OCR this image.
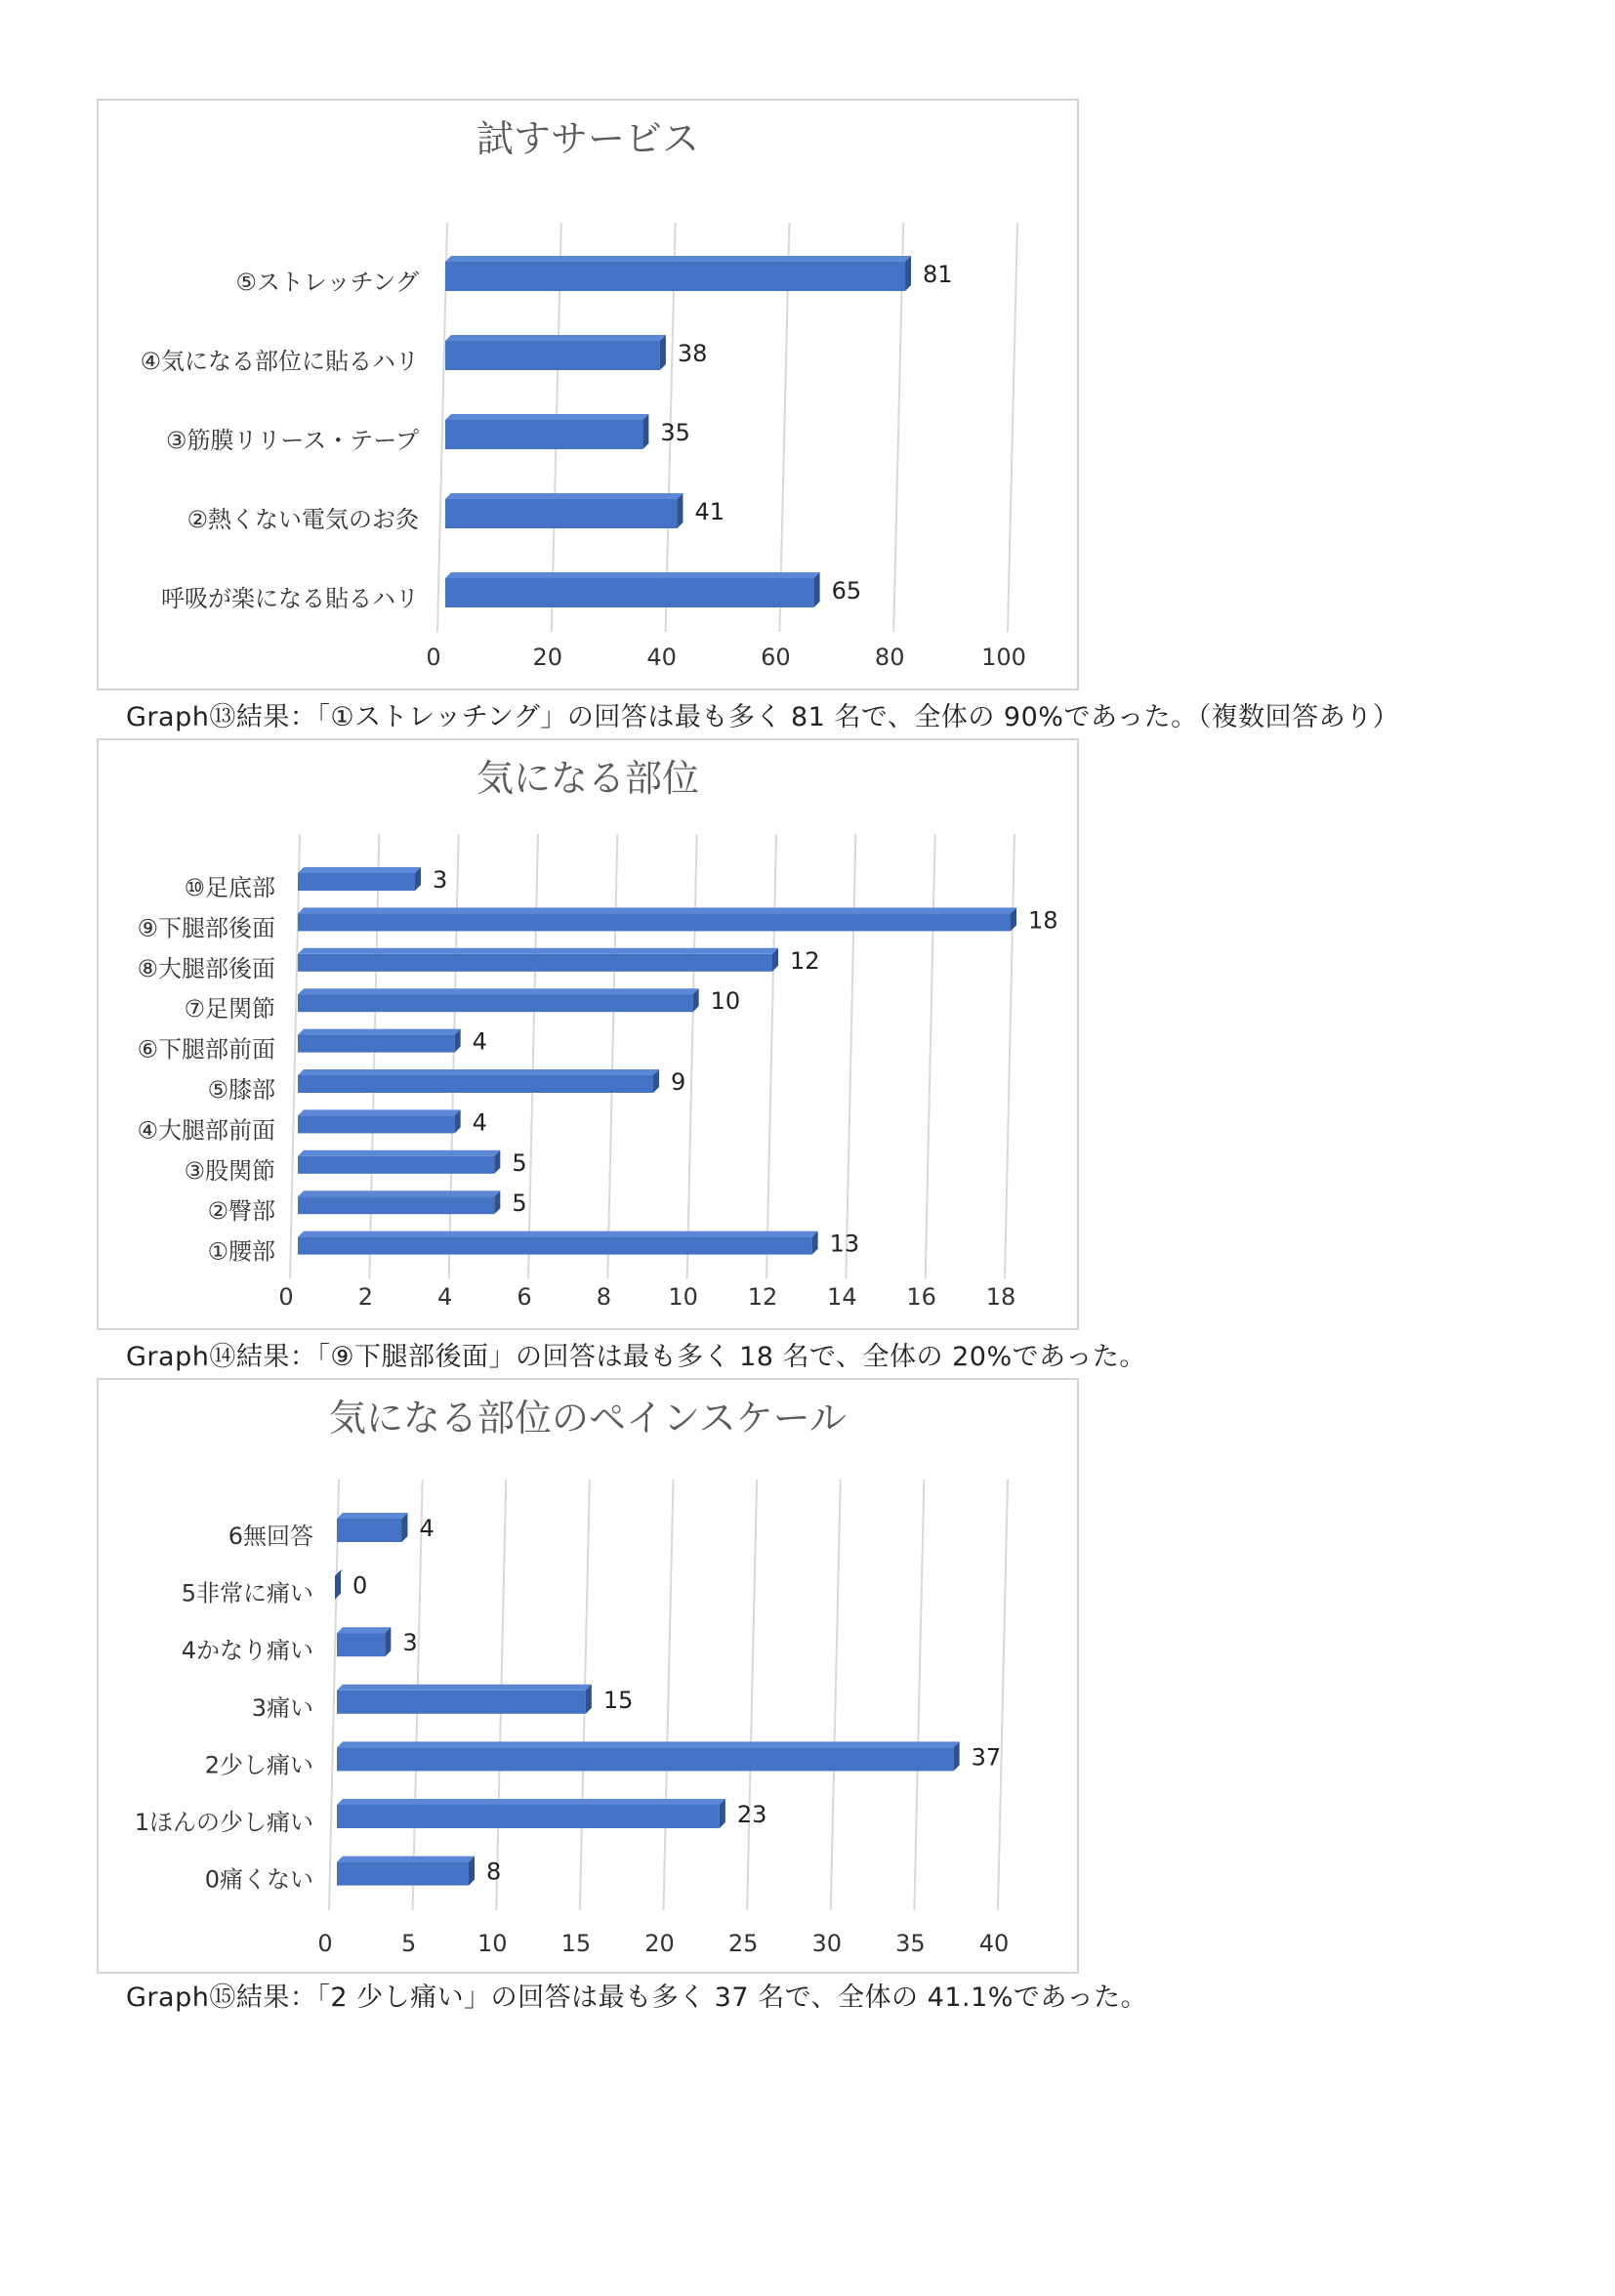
試すサービス
0	20	40	60	80	100
⑤ストレッチング	81
④気になる部位に貼るハリ	38
③筋膜リリース・テープ	35
②熱くない電気のお灸	41
呼吸が楽になる貼るハリ	65
Graph⑬結果：「①ストレッチング」の回答は最も多く 81 名で、全体の 90%であった。（複数回答あり）
気になる部位
0	2	4	6	8 10 12 14 16 18
⑩足底部	3
⑨下腿部後面	18
⑧大腿部後面	12
⑦足関節	10
⑥下腿部前面	4
⑤膝部	9
④大腿部前面	4
③股関節	5
②臀部	5
①腰部	13
Graph⑭結果：「⑨下腿部後面」の回答は最も多く 18 名で、全体の 20%であった。
気になる部位のペインスケール
0	5	10 15 20 25 30 35 40
6無回答	4
5非常に痛い 0
4かなり痛い	3
3痛い	15
2少し痛い	37
1ほんの少し痛い	23
0痛くない	8
Graph⑮結果：「2 少し痛い」の回答は最も多く 37 名で、全体の 41.1%であった。
